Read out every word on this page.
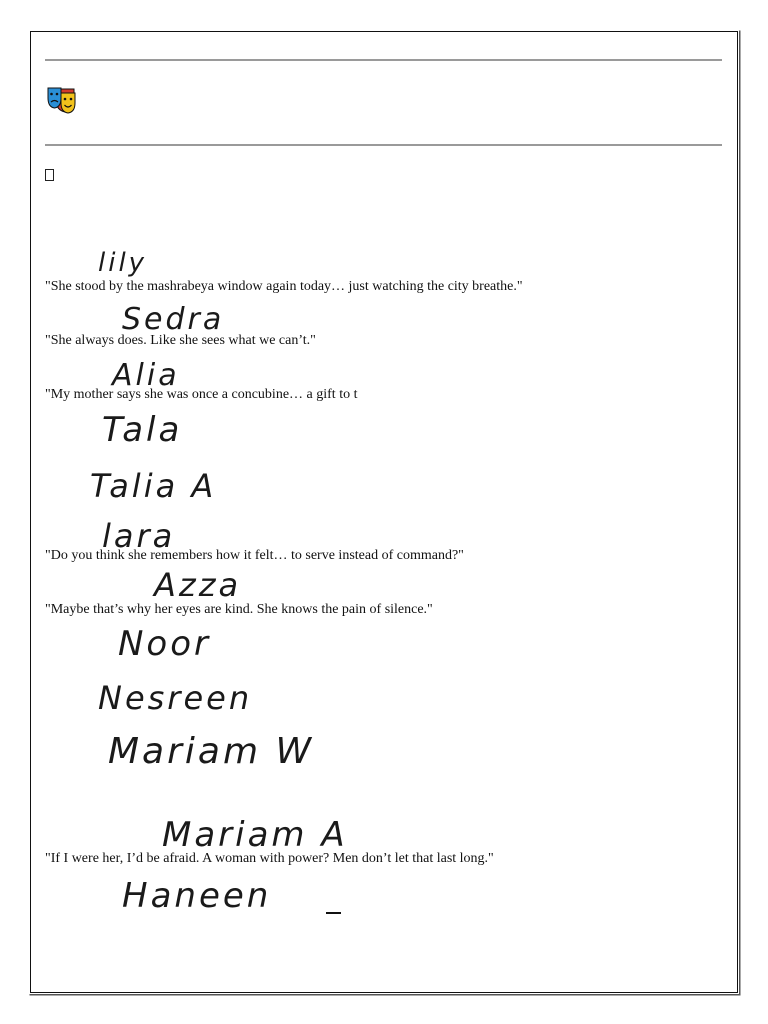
"She stood by the mashrabeya window again today… just watching the city breathe."

"She always does. Like she sees what we can’t."

"My mother says she was once a concubine… a gift to t

"Do you think she remembers how it felt… to serve instead of command?"

"Maybe that’s why her eyes are kind. She knows the pain of silence."

"If I were her, I’d be afraid. A woman with power? Men don’t let that last long."

lily
Sedra
Alia
Tala
Talia A
lara
Azza
Noor
Nesreen
Mariam W
Mariam A
Haneen
